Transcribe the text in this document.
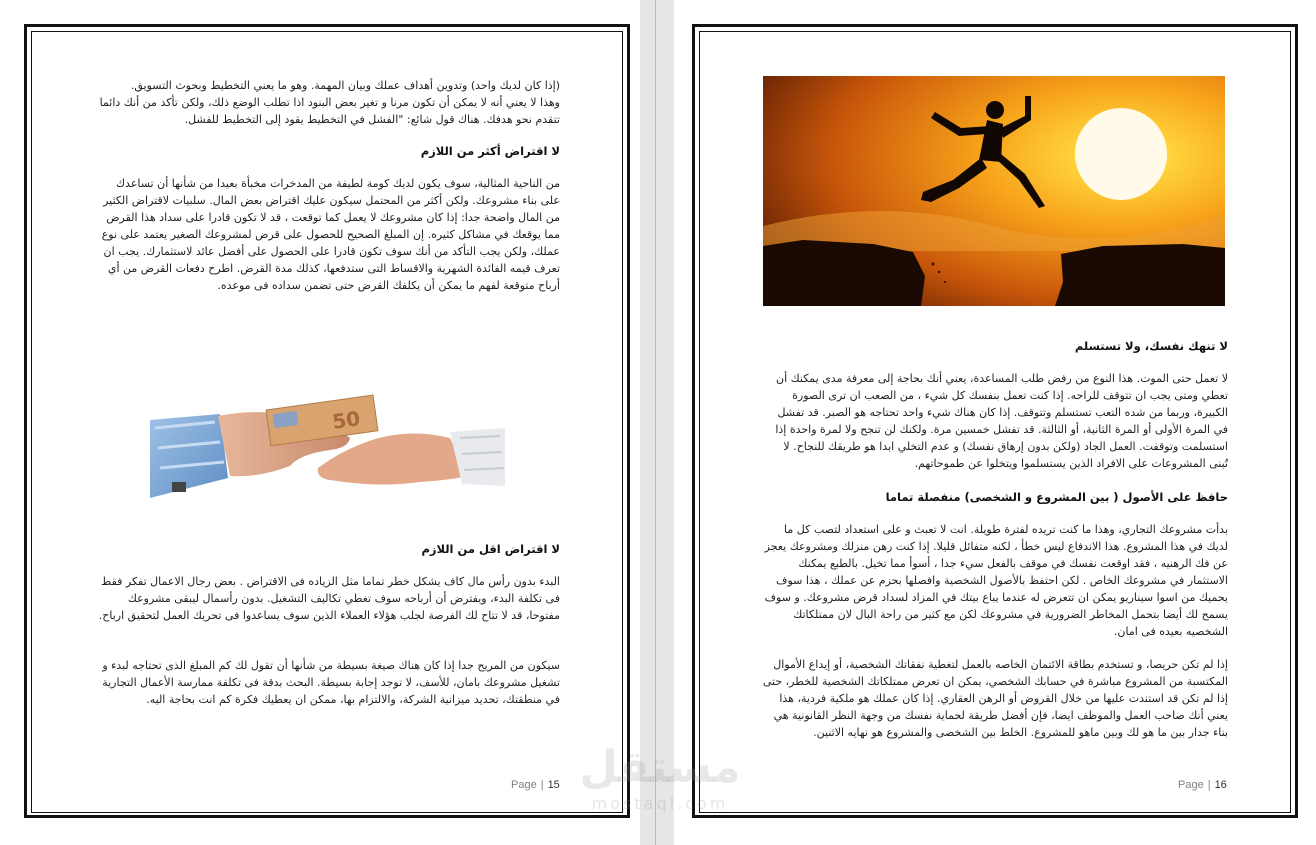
(إذا كان لديك واحد) وتدوين أهداف عملك وبيان المهمة. وهو ما يعني التخطيط وبحوث التسويق.

وهذا لا يعني أنه لا يمكن أن تكون مرنا و تغير بعض البنود اذا تطلب الوضع ذلك، ولكن تأكد من أنك دائما تتقدم نحو هدفك. هناك قول شائع: "الفشل في التخطيط يقود إلى التخطيط للفشل.

لا اقتراض أكثر من اللازم

من الناحية المثالية، سوف يكون لديك كومة لطيفة من المدخرات مخبأة بعيدا من شأنها أن تساعدك على بناء مشروعك. ولكن أكثر من المحتمل سيكون عليك اقتراض بعض المال. سلبيات لاقتراض الكثير من المال واضحة جدا: إذا كان مشروعك لا يعمل كما توقعت ، قد لا تكون قادرا على سداد هذا القرض مما يوقعك في مشاكل كثيره. إن المبلغ الصحيح للحصول على قرض لمشروعك الصغير يعتمد على نوع عملك، ولكن يجب التأكد من أنك سوف تكون قادرا على الحصول على أفضل عائد لاستثمارك. يجب ان تعرف قيمه الفائدة الشهرية والاقساط التى ستدفعها، كذلك مدة القرض. اطرح دفعات القرض من أي أرباح متوقعة لفهم ما يمكن أن يكلفك القرض حتى تضمن سداده فى موعده.

50
لا اقتراض اقل من اللازم

البدء بدون رأس مال كاف يشكل خطر تماما مثل الزياده فى الاقتراض . بعض رجال الاعمال تفكر فقط فى تكلفة البدء، ويفترض أن أرباحه سوف تغطي تكاليف التشغيل. بدون رأسمال ليبقى مشروعك مفتوحا، قد لا تتاح لك الفرصة لجلب هؤلاء العملاء الذين سوف يساعدوا فى تحريك العمل لتحقيق ارباح.

سيكون من المريح جدا إذا كان هناك صيغة بسيطة من شأنها أن تقول لك كم المبلغ الذى تحتاجه لبدء و تشغيل مشروعك بامان، للأسف، لا توجد إجابة بسيطة. البحث بدقة فى تكلفة ممارسة الأعمال التجارية في منطقتك، تحديد ميزانية الشركة، والالتزام بها، ممكن ان يعطيك فكرة كم انت بحاجة اليه.

Page | 15
لا تنهك نفسك، ولا تستسلم

لا تعمل حتى الموت. هذا النوع من رفض طلب المساعدة، يعني أنك بحاجة إلى معرفة مدى يمكنك أن تعطي ومتى يجب ان تتوقف للراحه. إذا كنت تعمل بنفسك كل شيء ، من الصعب ان ترى الصورة الكبيرة، وربما من شده التعب تستسلم وتتوقف. إذا كان هناك شيء واحد تحتاجه هو الصبر. قد تفشل في المرة الأولى أو المرة الثانية، أو الثالثة. قد تفشل خمسين مرة. ولكنك لن تنجح ولا لمرة واحدة إذا استسلمت وتوقفت. العمل الجاد (ولكن بدون إرهاق نفسك) و عدم التخلي ابدا هو طريقك للنجاح. لا تُبنى المشروعات على الافراد الذين يستسلموا ويتخلوا عن طموحاتهم.

حافظ على الأصول ( بين المشروع و الشخصى) منفصلة تماما

بدأت مشروعك التجاري، وهذا ما كنت تريده لفترة طويلة. انت لا تعبث و على استعداد لتصب كل ما لديك في هذا المشروع. هذا الاندفاع ليس خطأ ، لكنه متفائل قليلا. إذا كنت رهن منزلك ومشروعك يعجز عن فك الرهنيه ، فقد اوقعت نفسك في موقف بالفعل سيء جدا ، أسوأ مما تخيل. بالطبع يمكنك الاستثمار في مشروعك الخاص . لكن احتفظ بالأصول الشخصية وافصلها بحزم عن عملك ، هذا سوف يحميك من اسوا سيناريو يمكن ان تتعرض له عندما يباع بيتك في المزاد لسداد قرض مشروعك. و سوف يسمح لك أيضا بتحمل المخاطر الضرورية في مشروعك لكن مع كثير من راحة البال لان ممتلكاتك الشخصيه بعيده فى امان.

إذا لم تكن حريصا، و تستخدم بطاقة الائتمان الخاصه بالعمل لتغطية نفقاتك الشخصية، أو إيداع الأموال المكتسبة من المشروع مباشرة في حسابك الشخصي، يمكن ان تعرض ممتلكاتك الشخصية للخطر، حتى إذا لم تكن قد استندت عليها من خلال القروض أو الرهن العقاري. إذا كان عملك هو ملكية فردية، هذا يعني أنك صاحب العمل والموظف ايضا، فإن أفضل طريقة لحماية نفسك من وجهة النظر القانونية هي بناء جدار بين ما هو لك وبين ماهو للمشروع. الخلط بين الشخصى والمشروع هو نهايه الاثنين.

Page | 16
مستقل
mostaql.com
